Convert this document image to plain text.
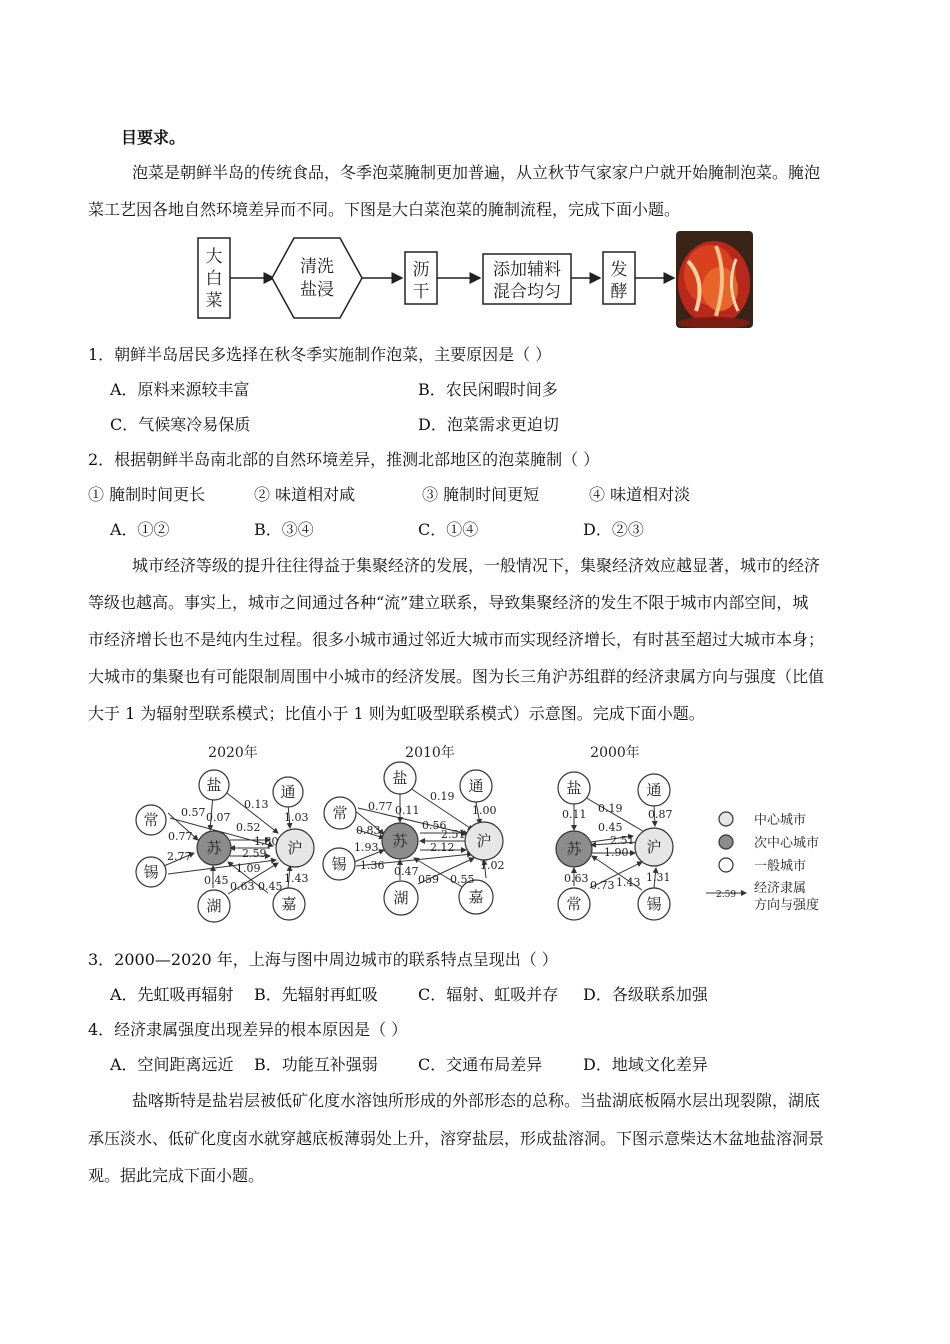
目要求。
泡菜是朝鲜半岛的传统食品，冬季泡菜腌制更加普遍，从立秋节气家家户户就开始腌制泡菜。腌泡
菜工艺因各地自然环境差异而不同。下图是大白菜泡菜的腌制流程，完成下面小题。
大
白
菜
清洗
盐浸
沥
干
添加辅料
混合均匀
发
酵
1．朝鲜半岛居民多选择在秋冬季实施制作泡菜，主要原因是（ ）
A．原料来源较丰富	B．农民闲暇时间多
C．气候寒冷易保质	D．泡菜需求更迫切
2．根据朝鲜半岛南北部的自然环境差异，推测北部地区的泡菜腌制（ ）
① 腌制时间更长	② 味道相对咸	③ 腌制时间更短	④ 味道相对淡
A．①②	B．③④	C．①④	D．②③
城市经济等级的提升往往得益于集聚经济的发展，一般情况下，集聚经济效应越显著，城市的经济
等级也越高。事实上，城市之间通过各种“流”建立联系，导致集聚经济的发生不限于城市内部空间，城
市经济增长也不是纯内生过程。很多小城市通过邻近大城市而实现经济增长，有时甚至超过大城市本身；
大城市的集聚也有可能限制周围中小城市的经济发展。图为长三角沪苏组群的经济隶属方向与强度（比值
大于 1 为辐射型联系模式；比值小于 1 则为虹吸型联系模式）示意图。完成下面小题。
2020年
盐	通
常
苏	沪
锡
湖	嘉
0.57 0.07
0.13
1.03
0.77
0.52
1.80
2.59
2.77
1.09
0.45 0.63 0.45
1.43
2010年
盐	通
常
苏	沪
锡
湖	嘉
0.77 0.11
0.19
1.00
0.83	0.56
2.51
2.12
1.93
1.36 0.47	1.02
059 0.55
2000年
盐	通
苏	沪
常	锡
0.11 0.19 0.87
0.45
2.51
1.90
0.63
0.73 1.43 1.31
中心城市
次中心城市
一般城市
2.59 经济隶属
方向与强度
3．2000—2020 年，上海与图中周边城市的联系特点呈现出（ ）
A．先虹吸再辐射 B．先辐射再虹吸	C．辐射、虹吸并存 D．各级联系加强
4．经济隶属强度出现差异的根本原因是（ ）
A．空间距离远近 B．功能互补强弱	C．交通布局差异	D．地域文化差异
盐喀斯特是盐岩层被低矿化度水溶蚀所形成的外部形态的总称。当盐湖底板隔水层出现裂隙，湖底
承压淡水、低矿化度卤水就穿越底板薄弱处上升，溶穿盐层，形成盐溶洞。下图示意柴达木盆地盐溶洞景
观。据此完成下面小题。
